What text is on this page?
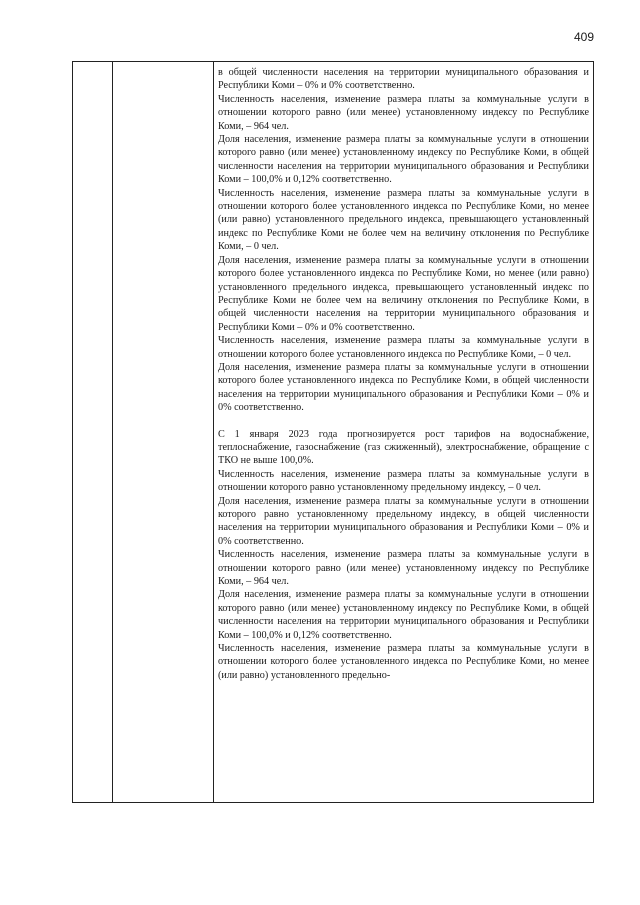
409

в общей численности населения на территории муниципального образования и Республики Коми – 0% и 0% соответственно.

Численность населения, изменение размера платы за коммунальные услуги в отношении которого равно (или менее) установленному индексу по Республике Коми, – 964 чел.

Доля населения, изменение размера платы за коммунальные услуги в отношении которого равно (или менее) установленному индексу по Республике Коми, в общей численности населения на территории муниципального образования и Республики Коми – 100,0% и 0,12% соответственно.

Численность населения, изменение размера платы за коммунальные услуги в отношении которого более установленного индекса по Республике Коми, но менее (или равно) установленного предельного индекса, превышающего установленный индекс по Республике Коми не более чем на величину отклонения по Республике Коми, – 0 чел.

Доля населения, изменение размера платы за коммунальные услуги в отношении которого более установленного индекса по Республике Коми, но менее (или равно) установленного предельного индекса, превышающего установленный индекс по Республике Коми не более чем на величину отклонения по Республике Коми, в общей численности населения на территории муниципального образования и Республики Коми – 0% и 0% соответственно.

Численность населения, изменение размера платы за коммунальные услуги в отношении которого более установленного индекса по Республике Коми, – 0 чел.

Доля населения, изменение размера платы за коммунальные услуги в отношении которого более установленного индекса по Республике Коми, в общей численности населения на территории муниципального образования и Республики Коми – 0% и 0% соответственно.

С 1 января 2023 года прогнозируется рост тарифов на водоснабжение, теплоснабжение, газоснабжение (газ сжиженный), электроснабжение, обращение с ТКО не выше 100,0%.

Численность населения, изменение размера платы за коммунальные услуги в отношении которого равно установленному предельному индексу, – 0 чел.

Доля населения, изменение размера платы за коммунальные услуги в отношении которого равно установленному предельному индексу, в общей численности населения на территории муниципального образования и Республики Коми – 0% и 0% соответственно.

Численность населения, изменение размера платы за коммунальные услуги в отношении которого равно (или менее) установленному индексу по Республике Коми, – 964 чел.

Доля населения, изменение размера платы за коммунальные услуги в отношении которого равно (или менее) установленному индексу по Республике Коми, в общей численности населения на территории муниципального образования и Республики Коми – 100,0% и 0,12% соответственно.

Численность населения, изменение размера платы за коммунальные услуги в отношении которого более установленного индекса по Республике Коми, но менее (или равно) установленного предельно-
